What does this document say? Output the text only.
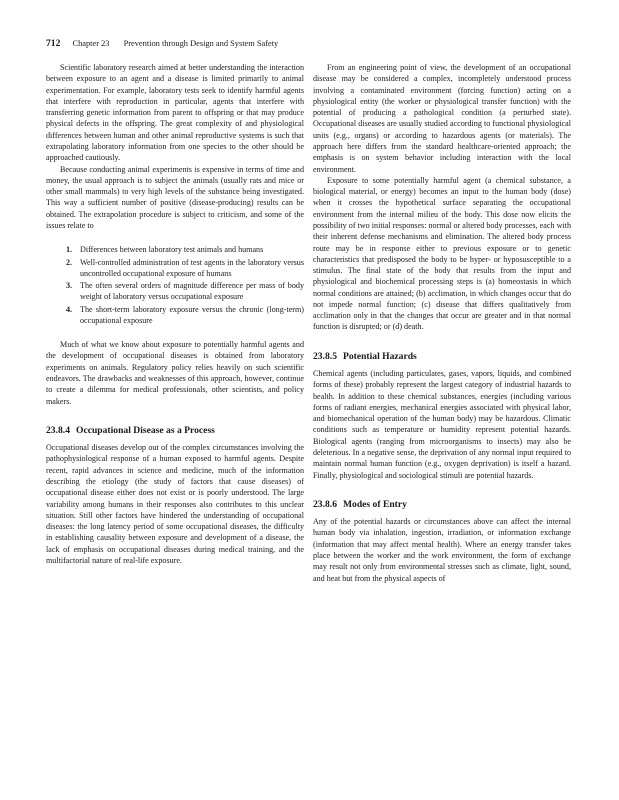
712 Chapter 23 Prevention through Design and System Safety

Scientific laboratory research aimed at better understanding the interaction between exposure to an agent and a disease is limited primarily to animal experimentation. For example, laboratory tests seek to identify harmful agents that interfere with reproduction in particular, agents that interfere with transferring genetic information from parent to offspring or that may produce physical defects in the offspring. The great complexity of and physiological differences between human and other animal reproductive systems is such that extrapolating laboratory information from one species to the other should be approached cautiously.

Because conducting animal experiments is expensive in terms of time and money, the usual approach is to subject the animals (usually rats and mice or other small mammals) to very high levels of the substance being investigated. This way a sufficient number of positive (disease-producing) results can be obtained. The extrapolation procedure is subject to criticism, and some of the issues relate to

1. Differences between laboratory test animals and humans
2. Well-controlled administration of test agents in the laboratory versus uncontrolled occupational exposure of humans
3. The often several orders of magnitude difference per mass of body weight of laboratory versus occupational exposure
4. The short-term laboratory exposure versus the chronic (long-term) occupational exposure

Much of what we know about exposure to potentially harmful agents and the development of occupational diseases is obtained from laboratory experiments on animals. Regulatory policy relies heavily on such scientific endeavors. The drawbacks and weaknesses of this approach, however, continue to create a dilemma for medical professionals, other scientists, and policy makers.

23.8.4 Occupational Disease as a Process

Occupational diseases develop out of the complex circumstances involving the pathophysiological response of a human exposed to harmful agents. Despite recent, rapid advances in science and medicine, much of the information describing the etiology (the study of factors that cause diseases) of occupational disease either does not exist or is poorly understood. The large variability among humans in their responses also contributes to this unclear situation. Still other factors have hindered the understanding of occupational diseases: the long latency period of some occupational diseases, the difficulty in establishing causality between exposure and development of a disease, the lack of emphasis on occupational diseases during medical training, and the multifactorial nature of real-life exposure.

From an engineering point of view, the development of an occupational disease may be considered a complex, incompletely understood process involving a contaminated environment (forcing function) acting on a physiological entity (the worker or physiological transfer function) with the potential of producing a pathological condition (a perturbed state). Occupational diseases are usually studied according to functional physiological units (e.g., organs) or according to hazardous agents (or materials). The approach here differs from the standard healthcare-oriented approach; the emphasis is on system behavior including interaction with the local environment.

Exposure to some potentially harmful agent (a chemical substance, a biological material, or energy) becomes an input to the human body (dose) when it crosses the hypothetical surface separating the occupational environment from the internal milieu of the body. This dose now elicits the possibility of two initial responses: normal or altered body processes, each with their inherent defense mechanisms and elimination. The altered body process route may be in response either to previous exposure or to genetic characteristics that predisposed the body to be hyper- or hyposusceptible to a stimulus. The final state of the body that results from the input and physiological and biochemical processing steps is (a) homeostasis in which normal conditions are attained; (b) acclimation, in which changes occur that do not impede normal function; (c) disease that differs qualitatively from acclimation only in that the changes that occur are greater and in that normal function is disrupted; or (d) death.

23.8.5 Potential Hazards

Chemical agents (including particulates, gases, vapors, liquids, and combined forms of these) probably represent the largest category of industrial hazards to health. In addition to these chemical substances, energies (including various forms of radiant energies, mechanical energies associated with physical labor, and biomechanical operation of the human body) may be hazardous. Climatic conditions such as temperature or humidity represent potential hazards. Biological agents (ranging from microorganisms to insects) may also be deleterious. In a negative sense, the deprivation of any normal input required to maintain normal human function (e.g., oxygen deprivation) is itself a hazard. Finally, physiological and sociological stimuli are potential hazards.

23.8.6 Modes of Entry

Any of the potential hazards or circumstances above can affect the internal human body via inhalation, ingestion, irradiation, or information exchange (information that may affect mental health). Where an energy transfer takes place between the worker and the work environment, the form of exchange may result not only from environmental stresses such as climate, light, sound, and heat but from the physical aspects of
